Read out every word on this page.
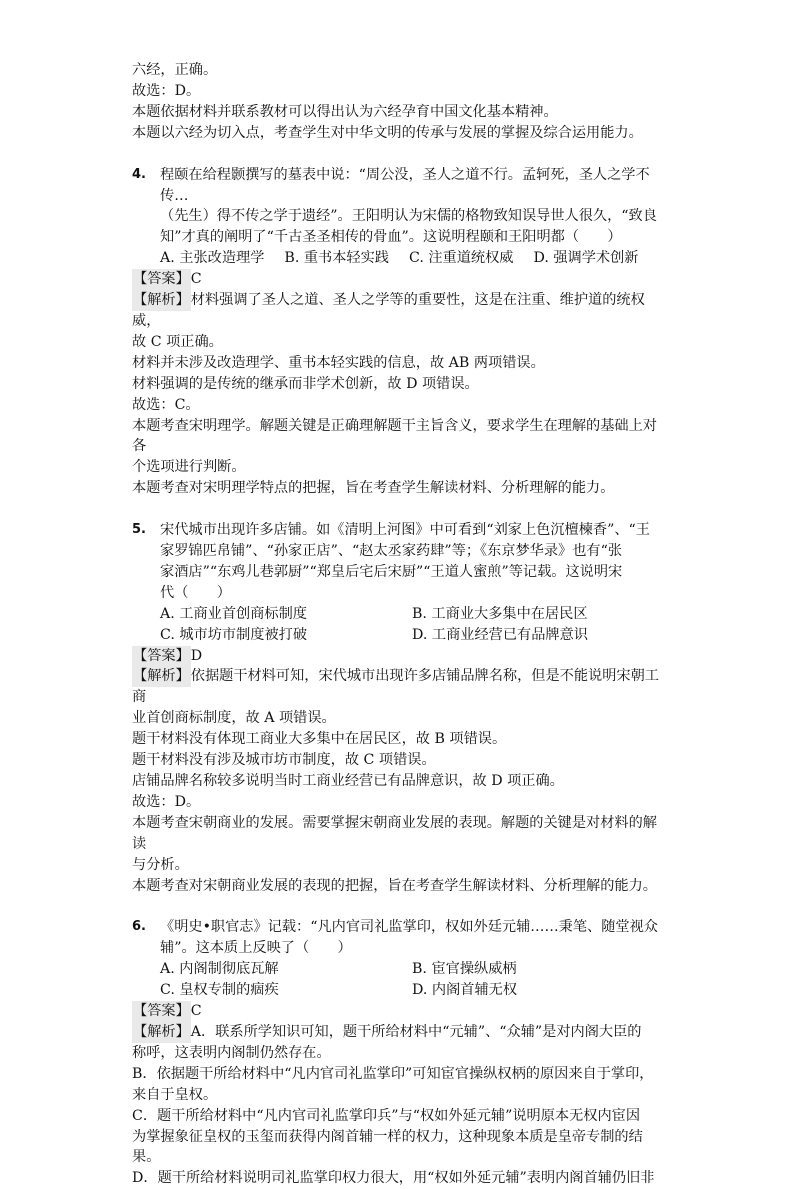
六经，正确。

故选：D。

本题依据材料并联系教材可以得出认为六经孕育中国文化基本精神。

本题以六经为切入点，考查学生对中华文明的传承与发展的掌握及综合运用能力。

4. 程颐在给程颢撰写的墓表中说：“周公没，圣人之道不行。孟轲死，圣人之学不传…

（先生）得不传之学于遗经”。王阳明认为宋儒的格物致知误导世人很久，“致良

知”才真的阐明了“千古圣圣相传的骨血”。这说明程颐和王阳明都（　　）

A. 主张改造理学 B. 重书本轻实践 C. 注重道统权威 D. 强调学术创新

【答案】C

【解析】材料强调了圣人之道、圣人之学等的重要性，这是在注重、维护道的统权威，

故 C 项正确。

材料并未涉及改造理学、重书本轻实践的信息，故 AB 两项错误。

材料强调的是传统的继承而非学术创新，故 D 项错误。

故选：C。

本题考查宋明理学。解题关键是正确理解题干主旨含义，要求学生在理解的基础上对各

个选项进行判断。

本题考查对宋明理学特点的把握，旨在考查学生解读材料、分析理解的能力。

5. 宋代城市出现许多店铺。如《清明上河图》中可看到“刘家上色沉檀楝香”、“王

家罗锦匹帛铺”、“孙家正店”、“赵太丞家药肆”等；《东京梦华录》也有“张

家酒店”“东鸡儿巷郭厨”“郑皇后宅后宋厨”“王道人蜜煎”等记载。这说明宋

代（　　）

A. 工商业首创商标制度	B. 工商业大多集中在居民区
C. 城市坊市制度被打破	D. 工商业经营已有品牌意识

【答案】D

【解析】依据题干材料可知，宋代城市出现许多店铺品牌名称，但是不能说明宋朝工商

业首创商标制度，故 A 项错误。

题干材料没有体现工商业大多集中在居民区，故 B 项错误。

题干材料没有涉及城市坊市制度，故 C 项错误。

店铺品牌名称较多说明当时工商业经营已有品牌意识，故 D 项正确。

故选：D。

本题考查宋朝商业的发展。需要掌握宋朝商业发展的表现。解题的关键是对材料的解读

与分析。

本题考查对宋朝商业发展的表现的把握，旨在考查学生解读材料、分析理解的能力。

6. 《明史•职官志》记载：“凡内官司礼监掌印，权如外廷元辅……秉笔、随堂视众

辅”。这本质上反映了（　　）

A. 内阁制彻底瓦解	B. 宦官操纵威柄
C. 皇权专制的痼疾	D. 内阁首辅无权

【答案】C

【解析】A．联系所学知识可知，题干所给材料中“元辅”、“众辅”是对内阁大臣的

称呼，这表明内阁制仍然存在。

B．依据题干所给材料中“凡内官司礼监掌印”可知宦官操纵权柄的原因来自于掌印，

来自于皇权。

C．题干所给材料中“凡内官司礼监掌印兵”与“权如外延元辅”说明原本无权内宦因

为掌握象征皇权的玉玺而获得内阁首辅一样的权力，这种现象本质是皇帝专制的结果。

D．题干所给材料说明司礼监掌印权力很大，用“权如外延元辅”表明内阁首辅仍旧非
